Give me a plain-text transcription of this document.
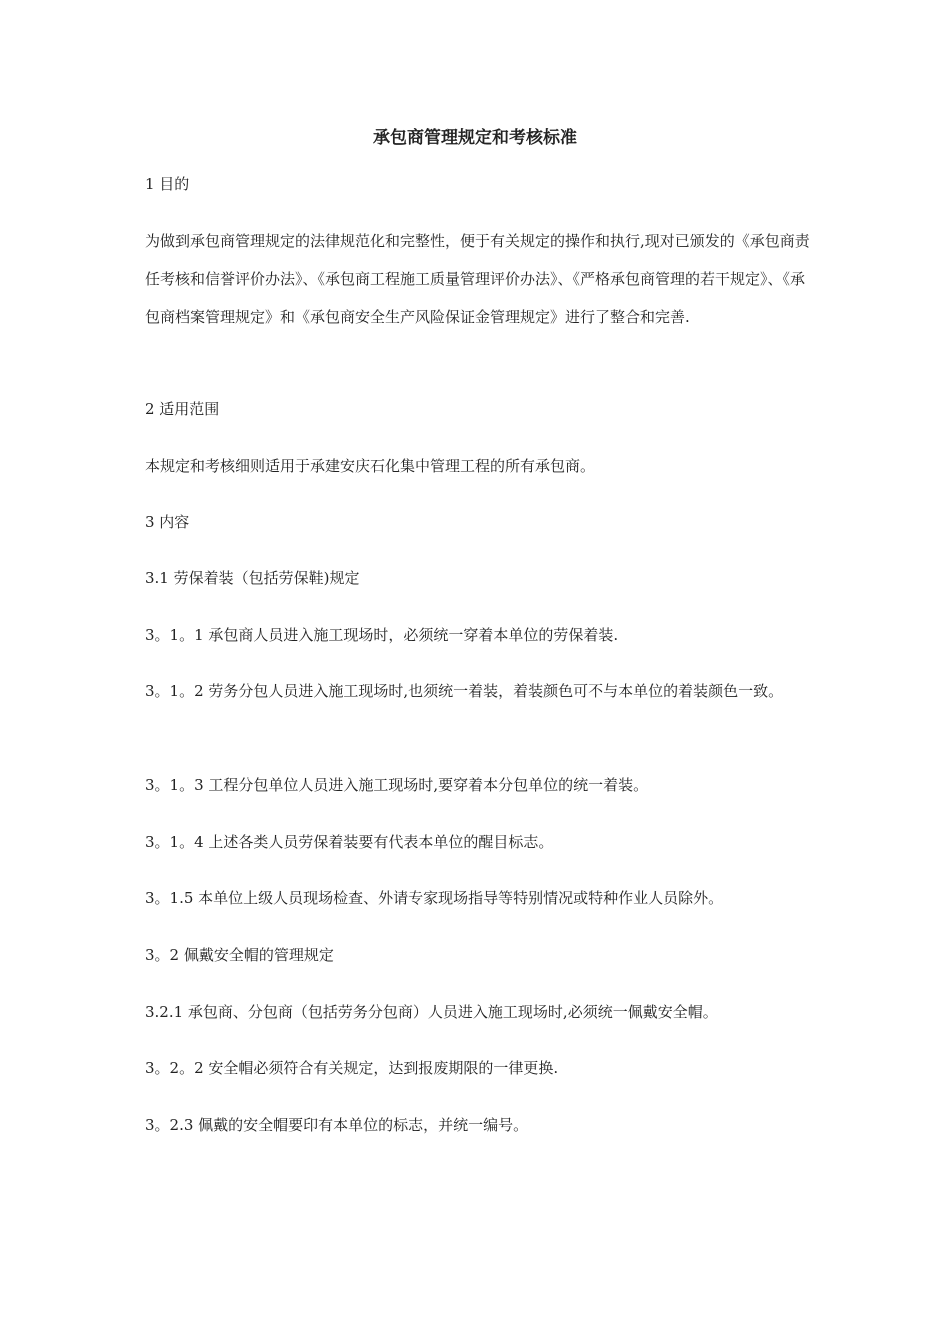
承包商管理规定和考核标准

1 目的

为做到承包商管理规定的法律规范化和完整性，便于有关规定的操作和执行,现对已颁发的《承包商责任考核和信誉评价办法》、《承包商工程施工质量管理评价办法》、《严格承包商管理的若干规定》、《承包商档案管理规定》和《承包商安全生产风险保证金管理规定》进行了整合和完善.

2 适用范围

本规定和考核细则适用于承建安庆石化集中管理工程的所有承包商。

3 内容

3.1 劳保着装（包括劳保鞋)规定

3。1。1 承包商人员进入施工现场时，必须统一穿着本单位的劳保着装.

3。1。2 劳务分包人员进入施工现场时,也须统一着装，着装颜色可不与本单位的着装颜色一致。

3。1。3 工程分包单位人员进入施工现场时,要穿着本分包单位的统一着装。

3。1。4 上述各类人员劳保着装要有代表本单位的醒目标志。

3。1.5 本单位上级人员现场检查、外请专家现场指导等特别情况或特种作业人员除外。

3。2 佩戴安全帽的管理规定

3.2.1 承包商、分包商（包括劳务分包商）人员进入施工现场时,必须统一佩戴安全帽。

3。2。2 安全帽必须符合有关规定，达到报废期限的一律更换.

3。2.3 佩戴的安全帽要印有本单位的标志，并统一编号。
